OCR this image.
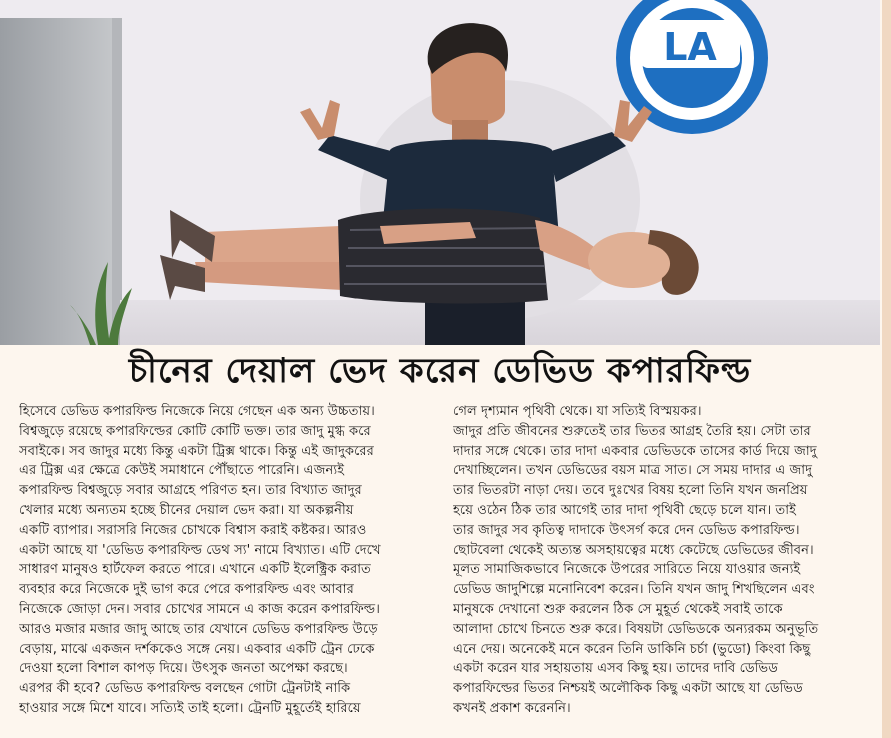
LA
চীনের দেয়াল ভেদ করেন ডেভিড কপারফিল্ড
হিসেবে ডেভিড কপারফিল্ড নিজেকে নিয়ে গেছেন এক অন্য উচ্চতায়।
বিশ্বজুড়ে রয়েছে কপারফিল্ডের কোটি কোটি ভক্ত। তার জাদু মুগ্ধ করে
সবাইকে। সব জাদুর মধ্যে কিন্তু একটা ট্রিক্স থাকে। কিন্তু এই জাদুকরের
এর ট্রিক্স এর ক্ষেত্রে কেউই সমাধানে পৌঁছাতে পারেনি। এজন্যই
কপারফিল্ড বিশ্বজুড়ে সবার আগ্রহে পরিণত হন। তার বিখ্যাত জাদুর
খেলার মধ্যে অন্যতম হচ্ছে চীনের দেয়াল ভেদ করা। যা অকল্পনীয়
একটি ব্যাপার। সরাসরি নিজের চোখকে বিশ্বাস করাই কষ্টকর। আরও
একটা আছে যা 'ডেভিড কপারফিল্ড ডেথ স্য' নামে বিখ্যাত। এটি দেখে
সাধারণ মানুষও হার্টফেল করতে পারে। এখানে একটি ইলেক্ট্রিক করাত
ব্যবহার করে নিজেকে দুই ভাগ করে পেরে কপারফিল্ড এবং আবার
নিজেকে জোড়া দেন। সবার চোখের সামনে এ কাজ করেন কপারফিল্ড।
আরও মজার মজার জাদু আছে তার যেখানে ডেভিড কপারফিল্ড উড়ে
বেড়ায়, মাঝে একজন দর্শককেও সঙ্গে নেয়। একবার একটি ট্রেন ঢেকে
দেওয়া হলো বিশাল কাপড় দিয়ে। উৎসুক জনতা অপেক্ষা করছে।
এরপর কী হবে? ডেভিড কপারফিল্ড বলছেন গোটা ট্রেনটাই নাকি
হাওয়ার সঙ্গে মিশে যাবে। সত্যিই তাই হলো। ট্রেনটি মুহূর্তেই হারিয়ে
গেল দৃশ্যমান পৃথিবী থেকে। যা সত্যিই বিস্ময়কর।
জাদুর প্রতি জীবনের শুরুতেই তার ভিতর আগ্রহ তৈরি হয়। সেটা তার
দাদার সঙ্গে থেকে। তার দাদা একবার ডেভিডকে তাসের কার্ড দিয়ে জাদু
দেখাচ্ছিলেন। তখন ডেভিডের বয়স মাত্র সাত। সে সময় দাদার এ জাদু
তার ভিতরটা নাড়া দেয়। তবে দুঃখের বিষয় হলো তিনি যখন জনপ্রিয়
হয়ে ওঠেন ঠিক তার আগেই তার দাদা পৃথিবী ছেড়ে চলে যান। তাই
তার জাদুর সব কৃতিত্ব দাদাকে উৎসর্গ করে দেন ডেভিড কপারফিল্ড।
ছোটবেলা থেকেই অত্যন্ত অসহায়ত্বের মধ্যে কেটেছে ডেভিডের জীবন।
মূলত সামাজিকভাবে নিজেকে উপরের সারিতে নিয়ে যাওয়ার জন্যই
ডেভিড জাদুশিল্পে মনোনিবেশ করেন। তিনি যখন জাদু শিখছিলেন এবং
মানুষকে দেখানো শুরু করলেন ঠিক সে মুহূর্ত থেকেই সবাই তাকে
আলাদা চোখে চিনতে শুরু করে। বিষয়টা ডেভিডকে অন্যরকম অনুভূতি
এনে দেয়। অনেকেই মনে করেন তিনি ডাকিনি চর্চা (ভুডো) কিংবা কিছু
একটা করেন যার সহায়তায় এসব কিছু হয়। তাদের দাবি ডেভিড
কপারফিল্ডের ভিতর নিশ্চয়ই অলৌকিক কিছু একটা আছে যা ডেভিড
কখনই প্রকাশ করেননি।
